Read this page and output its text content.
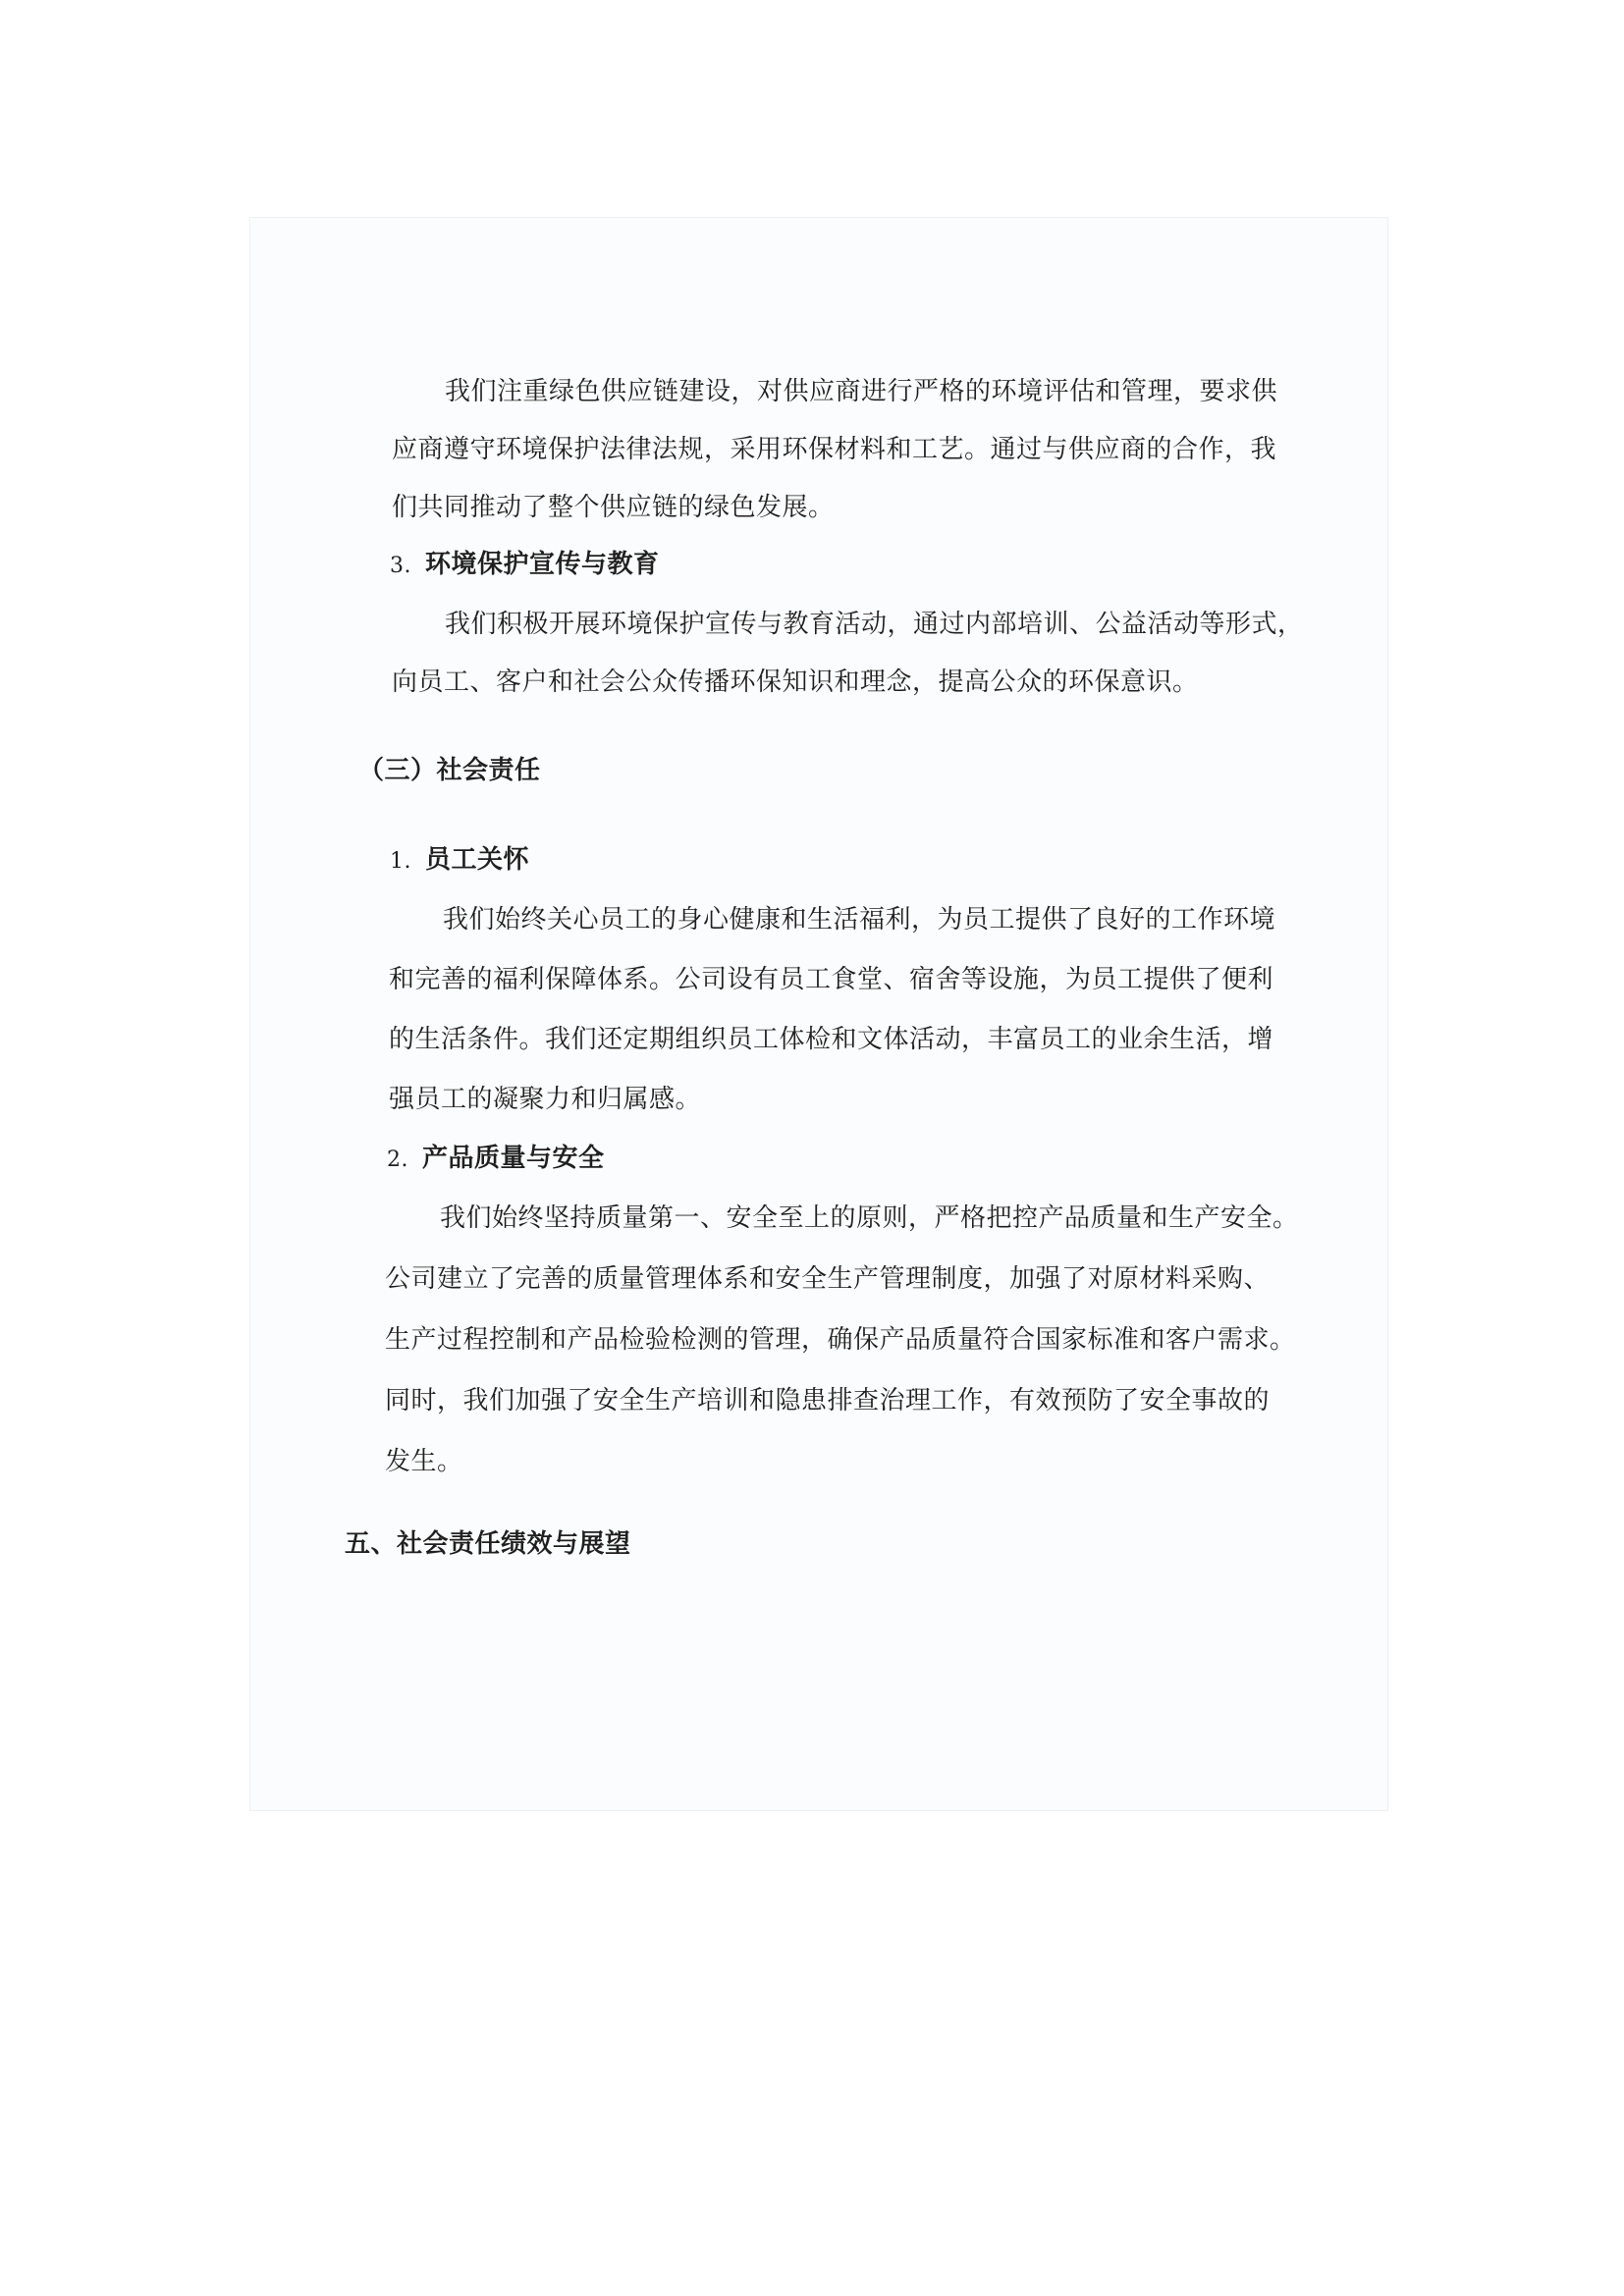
我们注重绿色供应链建设，对供应商进行严格的环境评估和管理，要求供
应商遵守环境保护法律法规，采用环保材料和工艺。通过与供应商的合作，我
们共同推动了整个供应链的绿色发展。
3. 环境保护宣传与教育
我们积极开展环境保护宣传与教育活动，通过内部培训、公益活动等形式，
向员工、客户和社会公众传播环保知识和理念，提高公众的环保意识。
（三）社会责任
1. 员工关怀
我们始终关心员工的身心健康和生活福利，为员工提供了良好的工作环境
和完善的福利保障体系。公司设有员工食堂、宿舍等设施，为员工提供了便利
的生活条件。我们还定期组织员工体检和文体活动，丰富员工的业余生活，增
强员工的凝聚力和归属感。
2. 产品质量与安全
我们始终坚持质量第一、安全至上的原则，严格把控产品质量和生产安全。
公司建立了完善的质量管理体系和安全生产管理制度，加强了对原材料采购、
生产过程控制和产品检验检测的管理，确保产品质量符合国家标准和客户需求。
同时，我们加强了安全生产培训和隐患排查治理工作，有效预防了安全事故的
发生。
五、社会责任绩效与展望
